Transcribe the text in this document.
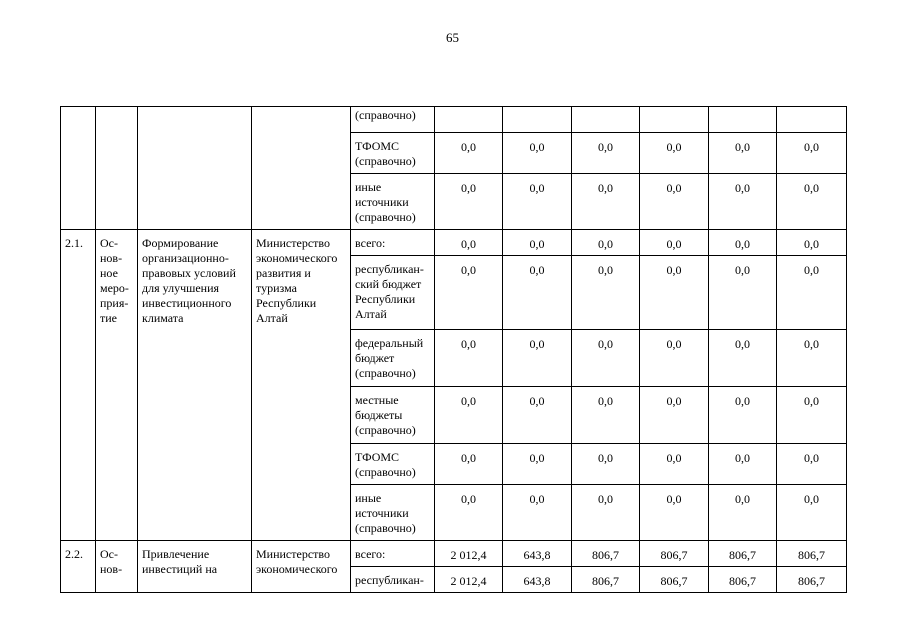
65
				(справочно)						
				ТФОМС (справочно)	0,0	0,0	0,0	0,0	0,0	0,0
				иные источники (справочно)	0,0	0,0	0,0	0,0	0,0	0,0
2.1.	Ос-нов-ное меро-прия-тие	Формирование организационно-правовых условий для улучшения инвестиционного климата	Министерство экономического развития и туризма Республики Алтай	всего:	0,0	0,0	0,0	0,0	0,0	0,0
				республикан-ский бюджет Республики Алтай	0,0	0,0	0,0	0,0	0,0	0,0
				федеральный бюджет (справочно)	0,0	0,0	0,0	0,0	0,0	0,0
				местные бюджеты (справочно)	0,0	0,0	0,0	0,0	0,0	0,0
				ТФОМС (справочно)	0,0	0,0	0,0	0,0	0,0	0,0
				иные источники (справочно)	0,0	0,0	0,0	0,0	0,0	0,0
2.2.	Ос-нов-	Привлечение инвестиций на	Министерство экономического	всего:	2 012,4	643,8	806,7	806,7	806,7	806,7
				республикан-	2 012,4	643,8	806,7	806,7	806,7	806,7
